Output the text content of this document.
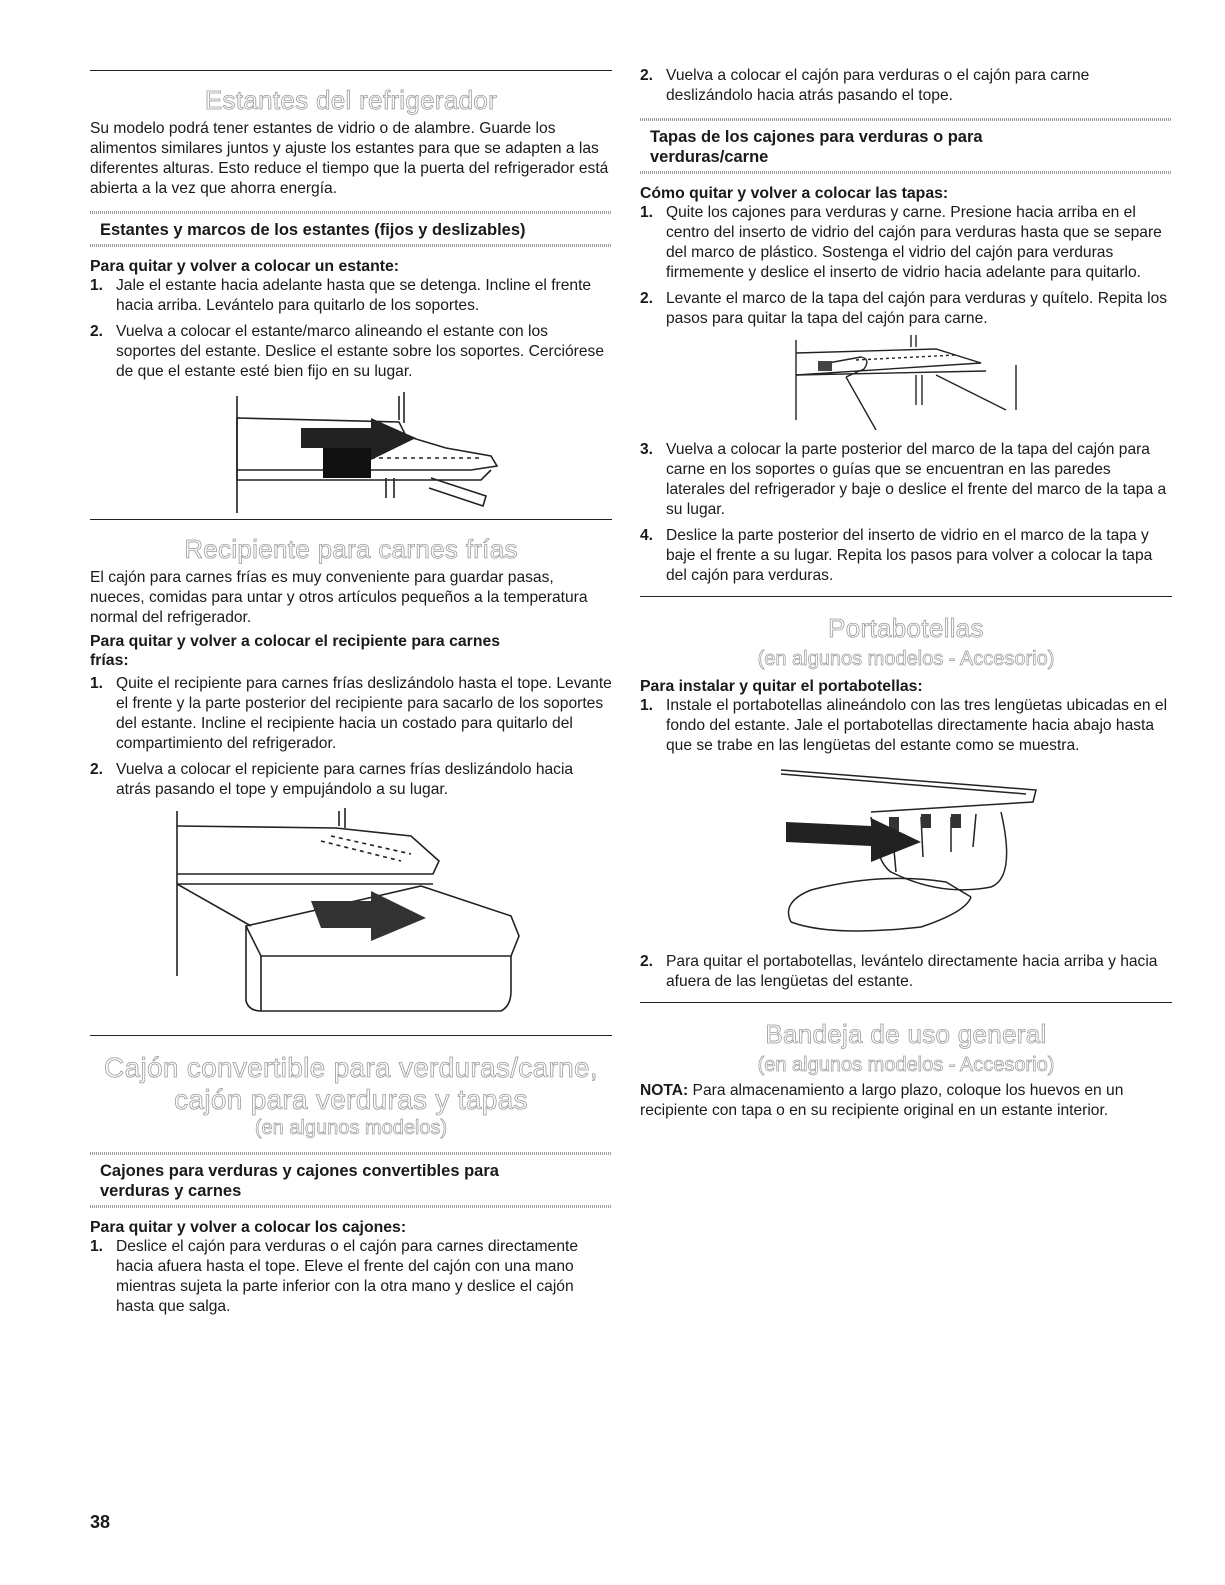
Estantes del refrigerador

Su modelo podrá tener estantes de vidrio o de alambre. Guarde los alimentos similares juntos y ajuste los estantes para que se adapten a las diferentes alturas. Esto reduce el tiempo que la puerta del refrigerador está abierta a la vez que ahorra energía.

Estantes y marcos de los estantes (fijos y deslizables)

Para quitar y volver a colocar un estante:

1. Jale el estante hacia adelante hasta que se detenga. Incline el frente hacia arriba. Levántelo para quitarlo de los soportes.
2. Vuelva a colocar el estante/marco alineando el estante con los soportes del estante. Deslice el estante sobre los soportes. Cerciórese de que el estante esté bien fijo en su lugar.
Recipiente para carnes frías

El cajón para carnes frías es muy conveniente para guardar pasas, nueces, comidas para untar y otros artículos pequeños a la temperatura normal del refrigerador.

Para quitar y volver a colocar el recipiente para carnes frías:

1. Quite el recipiente para carnes frías deslizándolo hasta el tope. Levante el frente y la parte posterior del recipiente para sacarlo de los soportes del estante. Incline el recipiente hacia un costado para quitarlo del compartimiento del refrigerador.
2. Vuelva a colocar el repiciente para carnes frías deslizándolo hacia atrás pasando el tope y empujándolo a su lugar.
Cajón convertible para verduras/carne,
cajón para verduras y tapas

(en algunos modelos)

Cajones para verduras y cajones convertibles para verduras y carnes

Para quitar y volver a colocar los cajones:

1. Deslice el cajón para verduras o el cajón para carnes directamente hacia afuera hasta el tope. Eleve el frente del cajón con una mano mientras sujeta la parte inferior con la otra mano y deslice el cajón hasta que salga.
2. Vuelva a colocar el cajón para verduras o el cajón para carne deslizándolo hacia atrás pasando el tope.

Tapas de los cajones para verduras o para verduras/carne

Cómo quitar y volver a colocar las tapas:

1. Quite los cajones para verduras y carne. Presione hacia arriba en el centro del inserto de vidrio del cajón para verduras hasta que se separe del marco de plástico. Sostenga el vidrio del cajón para verduras firmemente y deslice el inserto de vidrio hacia adelante para quitarlo.
2. Levante el marco de la tapa del cajón para verduras y quítelo. Repita los pasos para quitar la tapa del cajón para carne.
3. Vuelva a colocar la parte posterior del marco de la tapa del cajón para carne en los soportes o guías que se encuentran en las paredes laterales del refrigerador y baje o deslice el frente del marco de la tapa a su lugar.
4. Deslice la parte posterior del inserto de vidrio en el marco de la tapa y baje el frente a su lugar. Repita los pasos para volver a colocar la tapa del cajón para verduras.
Portabotellas

(en algunos modelos - Accesorio)

Para instalar y quitar el portabotellas:

1. Instale el portabotellas alineándolo con las tres lengüetas ubicadas en el fondo del estante. Jale el portabotellas directamente hacia abajo hasta que se trabe en las lengüetas del estante como se muestra.
2. Para quitar el portabotellas, levántelo directamente hacia arriba y hacia afuera de las lengüetas del estante.
Bandeja de uso general

(en algunos modelos - Accesorio)

NOTA: Para almacenamiento a largo plazo, coloque los huevos en un recipiente con tapa o en su recipiente original en un estante interior.

38
